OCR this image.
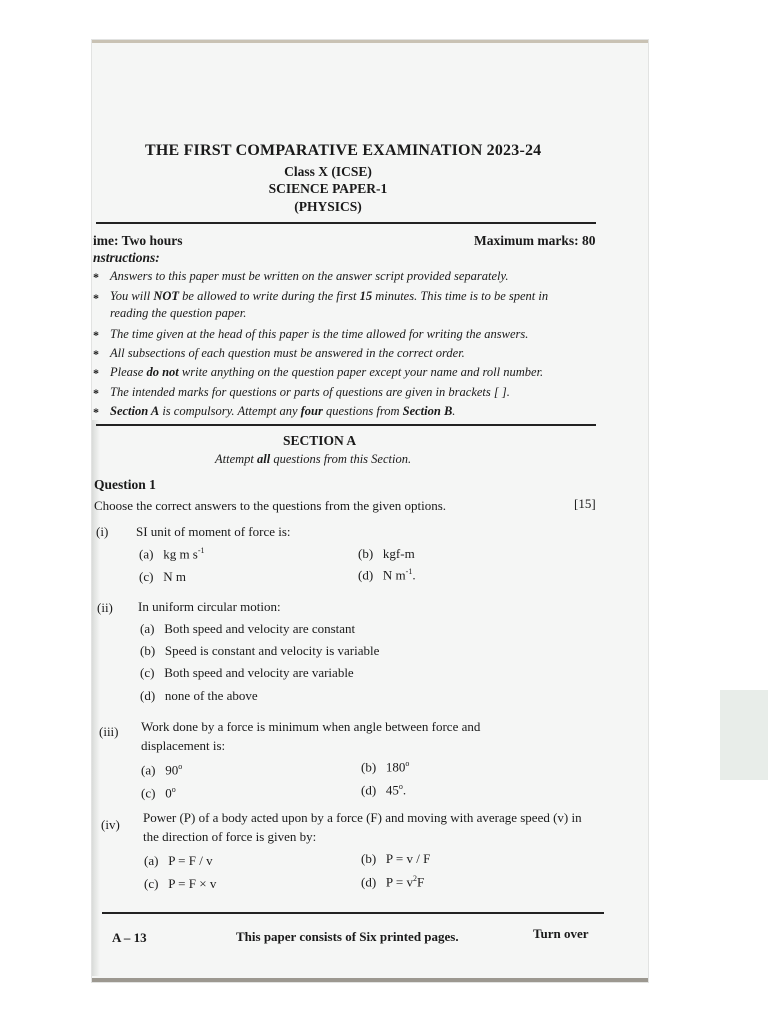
THE FIRST COMPARATIVE EXAMINATION 2023-24
Class X (ICSE)
SCIENCE PAPER-1
(PHYSICS)
ime: Two hours	Maximum marks: 80
nstructions:
* Answers to this paper must be written on the answer script provided separately.
* You will NOT be allowed to write during the first 15 minutes. This time is to be spent in
reading the question paper.
* The time given at the head of this paper is the time allowed for writing the answers.
* All subsections of each question must be answered in the correct order.
* Please do not write anything on the question paper except your name and roll number.
* The intended marks for questions or parts of questions are given in brackets [ ].
* Section A is compulsory. Attempt any four questions from Section B.
SECTION A
Attempt all questions from this Section.
Question 1
Choose the correct answers to the questions from the given options.	[15]
(i) SI unit of moment of force is:
(a) kg m $s^{-1}$	(b) kgf-m
(c) N m	(d) N $m^{-1}$.
(ii) In uniform circular motion:
(a) Both speed and velocity are constant
(b) Speed is constant and velocity is variable
(c) Both speed and velocity are variable
(d) none of the above
(iii) Work done by a force is minimum when angle between force and
displacement is:
(a) 90$^o$	(b) 180$^o$
(c) 0$^o$	(d) 45$^o$.
(iv) Power (P) of a body acted upon by a force (F) and moving with average speed (v) in
the direction of force is given by:
(a) P = F / v	(b) P = v / F
(c) P = F × v	(d) $P = v^2F$
A – 13	This paper consists of Six printed pages.	Turn over
